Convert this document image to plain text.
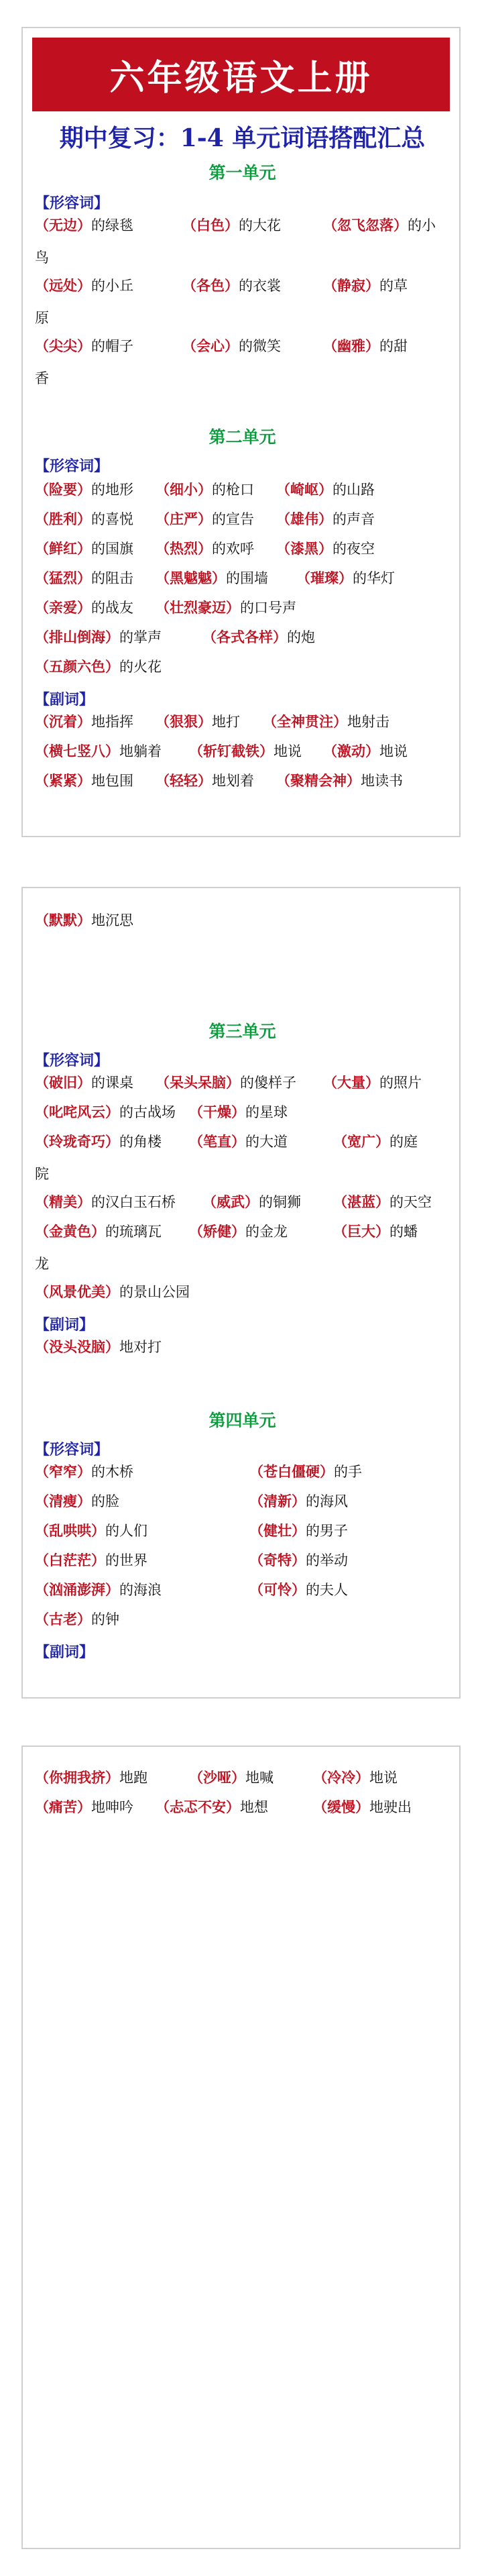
六年级语文上册
期中复习：1-4 单元词语搭配汇总
第一单元
【形容词】
（无边）的绿毯	（白色）的大花	（忽飞忽落）的小
鸟
（远处）的小丘	（各色）的衣裳	（静寂）的草
原
（尖尖）的帽子	（会心）的微笑	（幽雅）的甜
香
第二单元
【形容词】
（险要）的地形 （细小）的枪口 （崎岖）的山路
（胜利）的喜悦 （庄严）的宣告 （雄伟）的声音
（鲜红）的国旗 （热烈）的欢呼 （漆黑）的夜空
（猛烈）的阻击 （黑魆魆）的围墙 （璀璨）的华灯
（亲爱）的战友 （壮烈豪迈）的口号声
（排山倒海）的掌声	（各式各样）的炮
（五颜六色）的火花
【副词】
（沉着）地指挥 （狠狠）地打 （全神贯注）地射击
（横七竖八）地躺着 （斩钉截铁）地说 （激动）地说
（紧紧）地包围 （轻轻）地划着 （聚精会神）地读书
（默默）地沉思
第三单元
【形容词】
（破旧）的课桌 （呆头呆脑）的傻样子 （大量）的照片
（叱咤风云）的古战场 （干燥）的星球
（玲珑奇巧）的角楼 （笔直）的大道	（宽广）的庭
院
（精美）的汉白玉石桥 （威武）的铜狮 （湛蓝）的天空
（金黄色）的琉璃瓦 （矫健）的金龙	（巨大）的蟠
龙
（风景优美）的景山公园
【副词】
（没头没脑）地对打
第四单元
【形容词】
（窄窄）的木桥	（苍白僵硬）的手
（清瘦）的脸	（清新）的海风
（乱哄哄）的人们	（健壮）的男子
（白茫茫）的世界	（奇特）的举动
（汹涌澎湃）的海浪	（可怜）的夫人
（古老）的钟
【副词】
（你拥我挤）地跑	（沙哑）地喊	（冷冷）地说
（痛苦）地呻吟 （忐忑不安）地想	（缓慢）地驶出
